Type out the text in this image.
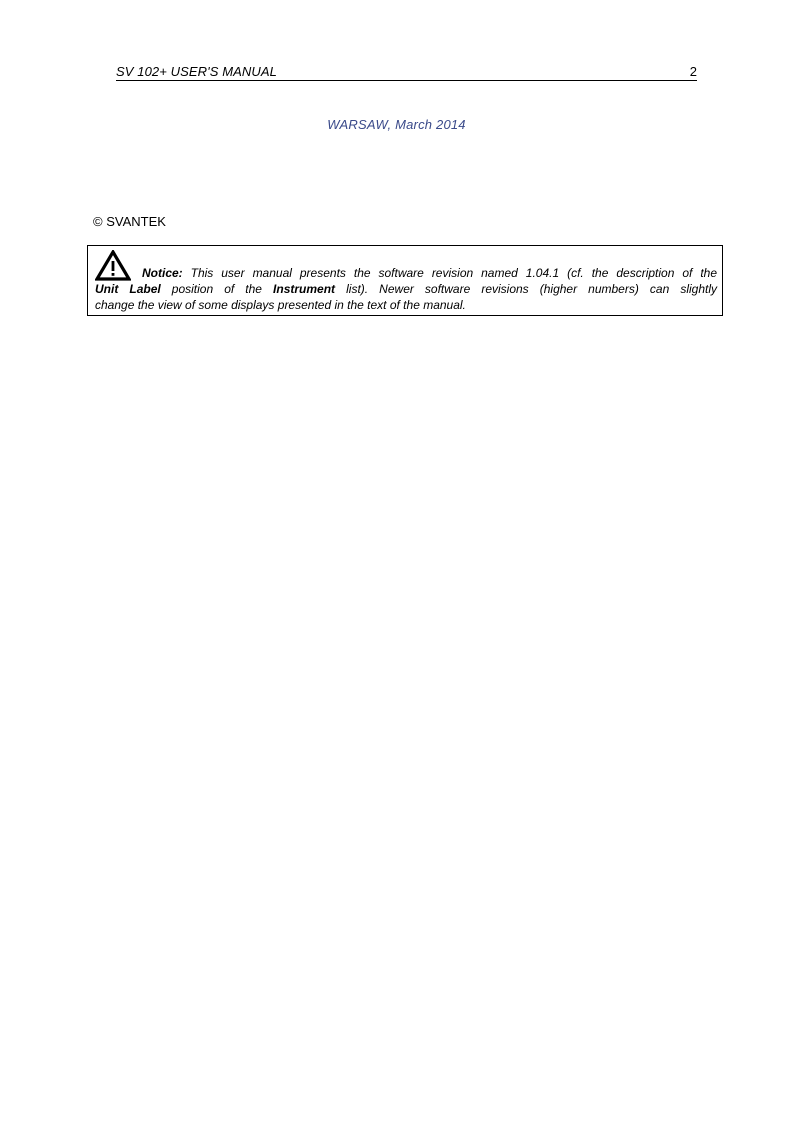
SV 102+ USER'S MANUAL	2
WARSAW, March 2014
© SVANTEK
Notice: This user manual presents the software revision named 1.04.1 (cf. the description of the
Unit Label position of the Instrument list). Newer software revisions (higher numbers) can slightly
change the view of some displays presented in the text of the manual.
